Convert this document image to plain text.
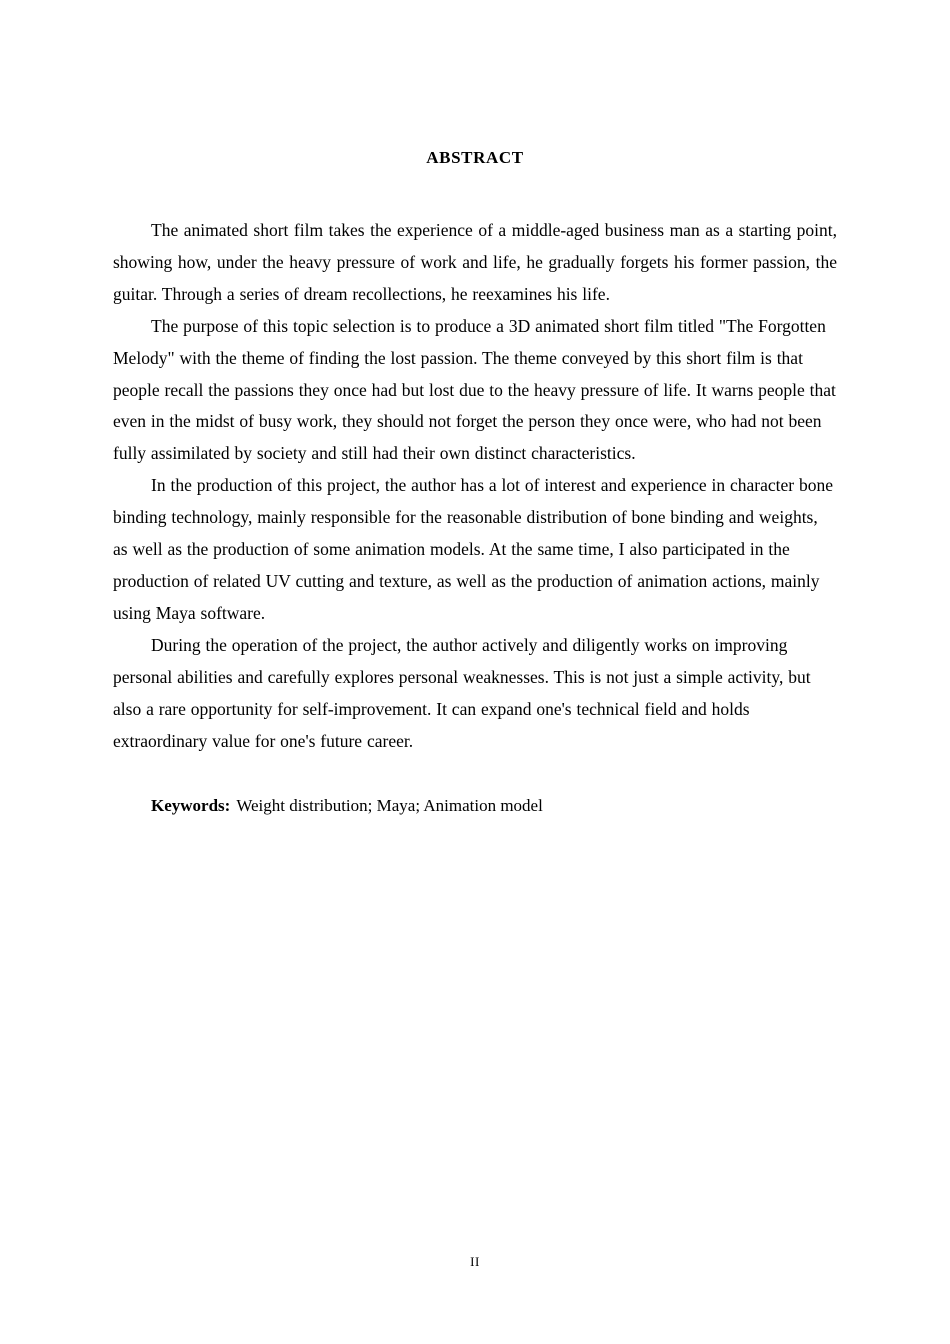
ABSTRACT

The animated short film takes the experience of a middle-aged business man as a starting point, showing how, under the heavy pressure of work and life, he gradually forgets his former passion, the guitar. Through a series of dream recollections, he reexamines his life.

The purpose of this topic selection is to produce a 3D animated short film titled "The Forgotten Melody" with the theme of finding the lost passion. The theme conveyed by this short film is that people recall the passions they once had but lost due to the heavy pressure of life. It warns people that even in the midst of busy work, they should not forget the person they once were, who had not been fully assimilated by society and still had their own distinct characteristics.

In the production of this project, the author has a lot of interest and experience in character bone binding technology, mainly responsible for the reasonable distribution of bone binding and weights, as well as the production of some animation models. At the same time, I also participated in the production of related UV cutting and texture, as well as the production of animation actions, mainly using Maya software.

During the operation of the project, the author actively and diligently works on improving personal abilities and carefully explores personal weaknesses. This is not just a simple activity, but also a rare opportunity for self-improvement. It can expand one's technical field and holds extraordinary value for one's future career.

Keywords: Weight distribution; Maya; Animation model

II
